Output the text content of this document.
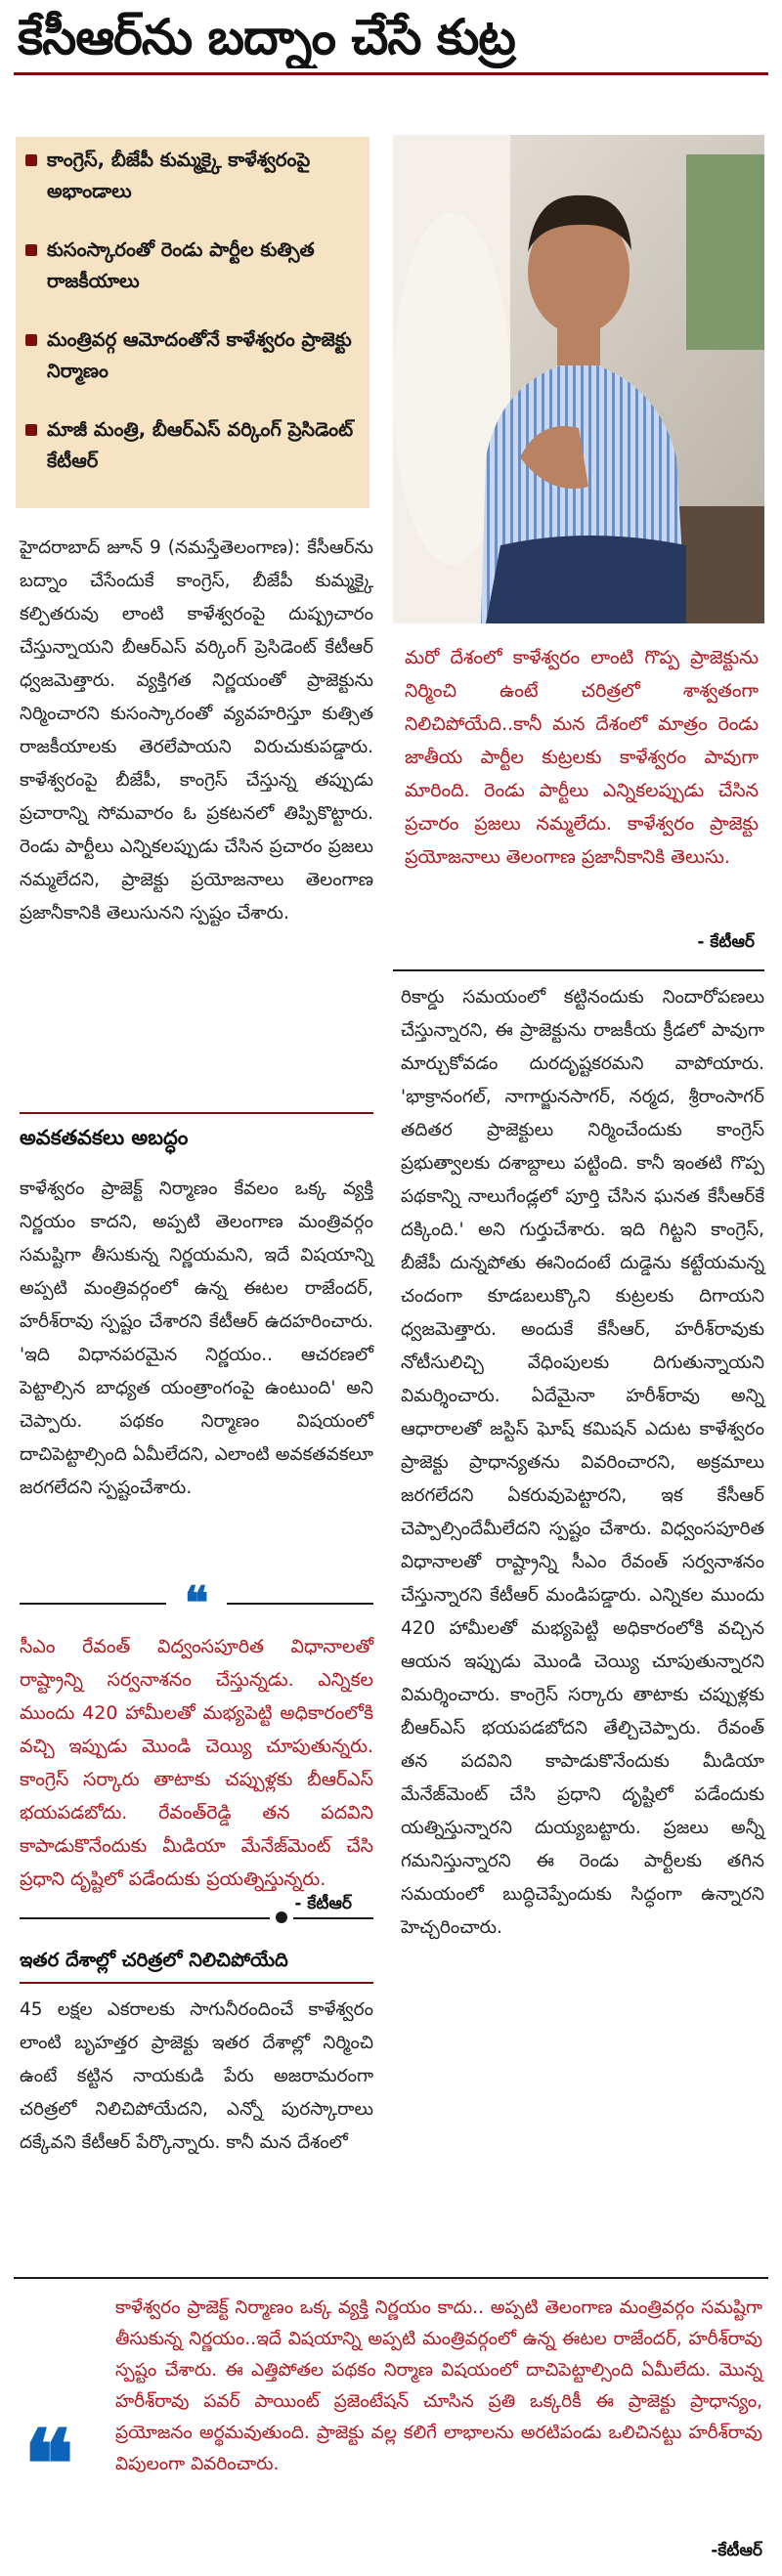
కేసీఆర్‌ను బద్నాం చేసే కుట్ర
కాంగ్రెస్, బీజేపీ కుమ్మక్కై కాళేశ్వరంపై అభాండాలు
కుసంస్కారంతో రెండు పార్టీల కుత్సిత రాజకీయాలు
మంత్రివర్గ ఆమోదంతోనే కాళేశ్వరం ప్రాజెక్టు నిర్మాణం
మాజీ మంత్రి, బీఆర్ఎస్ వర్కింగ్ ప్రెసిడెంట్ కేటీఆర్
హైదరాబాద్ జూన్ 9 (నమస్తేతెలంగాణ): కేసీఆర్‌ను బద్నాం చేసేందుకే కాంగ్రెస్, బీజేపీ కుమ్మక్కై కల్పితరువు లాంటి కాళేశ్వరంపై దుష్ప్రచారం చేస్తున్నాయని బీఆర్ఎస్ వర్కింగ్ ప్రెసిడెంట్ కేటీఆర్ ధ్వజమెత్తారు. వ్యక్తిగత నిర్ణయంతో ప్రాజెక్టును నిర్మించారని కుసంస్కారంతో వ్యవహరిస్తూ కుత్సిత రాజకీయాలకు తెరలేపాయని విరుచుకుపడ్డారు. కాళేశ్వరంపై బీజేపీ, కాంగ్రెస్ చేస్తున్న తప్పుడు ప్రచారాన్ని సోమవారం ఓ ప్రకటనలో తిప్పికొట్టారు. రెండు పార్టీలు ఎన్నికలప్పుడు చేసిన ప్రచారం ప్రజలు నమ్మలేదని, ప్రాజెక్టు ప్రయోజనాలు తెలంగాణ ప్రజానీకానికి తెలుసునని స్పష్టం చేశారు.
అవకతవకలు అబద్ధం
కాళేశ్వరం ప్రాజెక్ట్ నిర్మాణం కేవలం ఒక్క వ్యక్తి నిర్ణయం కాదని, అప్పటి తెలంగాణ మంత్రివర్గం సమష్టిగా తీసుకున్న నిర్ణయమని, ఇదే విషయాన్ని అప్పటి మంత్రివర్గంలో ఉన్న ఈటల రాజేందర్, హరీశ్‌రావు స్పష్టం చేశారని కేటీఆర్ ఉదహరించారు. 'ఇది విధానపరమైన నిర్ణయం.. ఆచరణలో పెట్టాల్సిన బాధ్యత యంత్రాంగంపై ఉంటుంది' అని చెప్పారు. పథకం నిర్మాణం విషయంలో దాచిపెట్టాల్సింది ఏమీలేదని, ఎలాంటి అవకతవకలూ జరగలేదని స్పష్టంచేశారు.
❝
సీఎం రేవంత్ విద్వంసపూరిత విధానాలతో రాష్ట్రాన్ని సర్వనాశనం చేస్తున్నడు. ఎన్నికల ముందు 420 హామీలతో మభ్యపెట్టి అధికారంలోకి వచ్చి ఇప్పుడు మొండి చెయ్యి చూపుతున్నరు. కాంగ్రెస్ సర్కారు తాటాకు చప్పుళ్లకు బీఆర్ఎస్ భయపడబోదు. రేవంత్‌రెడ్డి తన పదవిని కాపాడుకొనేందుకు మీడియా మేనేజ్‌మెంట్ చేసి ప్రధాని దృష్టిలో పడేందుకు ప్రయత్నిస్తున్నరు.
- కేటీఆర్
ఇతర దేశాల్లో చరిత్రలో నిలిచిపోయేది
45 లక్షల ఎకరాలకు సాగునీరందించే కాళేశ్వరం లాంటి బృహత్తర ప్రాజెక్టు ఇతర దేశాల్లో నిర్మించి ఉంటే కట్టిన నాయకుడి పేరు అజరామరంగా చరిత్రలో నిలిచిపోయేదని, ఎన్నో పురస్కారాలు దక్కేవని కేటీఆర్ పేర్కొన్నారు. కానీ మన దేశంలో
మరో దేశంలో కాళేశ్వరం లాంటి గొప్ప ప్రాజెక్టును నిర్మించి ఉంటే చరిత్రలో శాశ్వతంగా నిలిచిపోయేది..కానీ మన దేశంలో మాత్రం రెండు జాతీయ పార్టీల కుట్రలకు కాళేశ్వరం పావుగా మారింది. రెండు పార్టీలు ఎన్నికలప్పుడు చేసిన ప్రచారం ప్రజలు నమ్మలేదు. కాళేశ్వరం ప్రాజెక్టు ప్రయోజనాలు తెలంగాణ ప్రజానీకానికి తెలుసు.
- కేటీఆర్
రికార్డు సమయంలో కట్టినందుకు నిందారోపణలు చేస్తున్నారని, ఈ ప్రాజెక్టును రాజకీయ క్రీడలో పావుగా మార్చుకోవడం దురదృష్టకరమని వాపోయారు. 'భాక్రానంగల్, నాగార్జునసాగర్, నర్మద, శ్రీరాంసాగర్ తదితర ప్రాజెక్టులు నిర్మించేందుకు కాంగ్రెస్ ప్రభుత్వాలకు దశాబ్దాలు పట్టింది. కానీ ఇంతటి గొప్ప పథకాన్ని నాలుగేండ్లలో పూర్తి చేసిన ఘనత కేసీఆర్‌కే దక్కింది.' అని గుర్తుచేశారు. ఇది గిట్టని కాంగ్రెస్, బీజేపీ దున్నపోతు ఈనిందంటే దుడ్డెను కట్టేయమన్న చందంగా కూడబలుక్కొని కుట్రలకు దిగాయని ధ్వజమెత్తారు. అందుకే కేసీఆర్, హరీశ్‌రావుకు నోటీసులిచ్చి వేధింపులకు దిగుతున్నాయని విమర్శించారు. ఏదేమైనా హరీశ్‌రావు అన్ని ఆధారాలతో జస్టిస్ ఘోష్ కమిషన్ ఎదుట కాళేశ్వరం ప్రాజెక్టు ప్రాధాన్యతను వివరించారని, అక్రమాలు జరగలేదని ఏకరువుపెట్టారని, ఇక కేసీఆర్ చెప్పాల్సిందేమీలేదని స్పష్టం చేశారు. విధ్వంసపూరిత విధానాలతో రాష్ట్రాన్ని సీఎం రేవంత్ సర్వనాశనం చేస్తున్నారని కేటీఆర్ మండిపడ్డారు. ఎన్నికల ముందు 420 హామీలతో మభ్యపెట్టి అధికారంలోకి వచ్చిన ఆయన ఇప్పుడు మొండి చెయ్యి చూపుతున్నారని విమర్శించారు. కాంగ్రెస్ సర్కారు తాటాకు చప్పుళ్లకు బీఆర్ఎస్ భయపడబోదని తేల్చిచెప్పారు. రేవంత్ తన పదవిని కాపాడుకొనేందుకు మీడియా మేనేజ్‌మెంట్ చేసి ప్రధాని దృష్టిలో పడేందుకు యత్నిస్తున్నారని దుయ్యబట్టారు. ప్రజలు అన్నీ గమనిస్తున్నారని ఈ రెండు పార్టీలకు తగిన సమయంలో బుద్ధిచెప్పేందుకు సిద్ధంగా ఉన్నారని హెచ్చరించారు.
❝
కాళేశ్వరం ప్రాజెక్ట్ నిర్మాణం ఒక్క వ్యక్తి నిర్ణయం కాదు.. అప్పటి తెలంగాణ మంత్రివర్గం సమష్టిగా తీసుకున్న నిర్ణయం..ఇదే విషయాన్ని అప్పటి మంత్రివర్గంలో ఉన్న ఈటల రాజేందర్, హరీశ్‌రావు స్పష్టం చేశారు. ఈ ఎత్తిపోతల పథకం నిర్మాణ విషయంలో దాచిపెట్టాల్సింది ఏమీలేదు. మొన్న హరీశ్‌రావు పవర్ పాయింట్ ప్రజెంటేషన్ చూసిన ప్రతి ఒక్కరికీ ఈ ప్రాజెక్టు ప్రాధాన్యం, ప్రయోజనం అర్థమవుతుంది. ప్రాజెక్టు వల్ల కలిగే లాభాలను అరటిపండు ఒలిచినట్టు హరీశ్‌రావు విపులంగా వివరించారు.
-కేటీఆర్
